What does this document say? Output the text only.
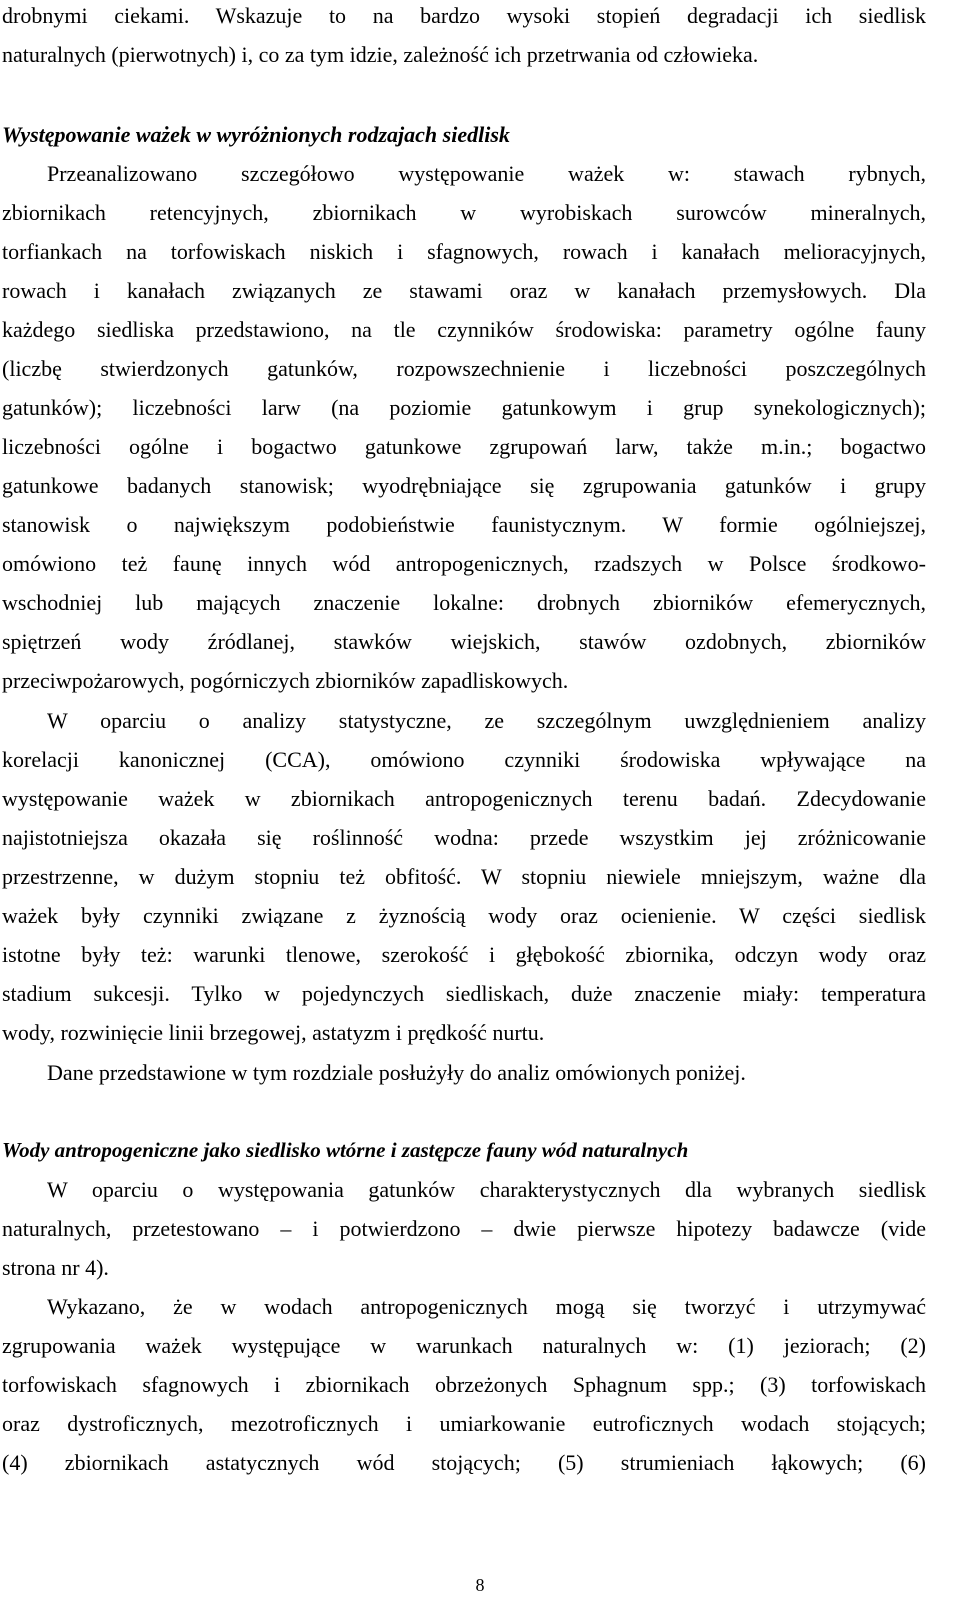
drobnymi ciekami. Wskazuje to na bardzo wysoki stopień degradacji ich siedlisk
naturalnych (pierwotnych) i, co za tym idzie, zależność ich przetrwania od człowieka.
Występowanie ważek w wyróżnionych rodzajach siedlisk
Przeanalizowano szczegółowo występowanie ważek w: stawach rybnych,
zbiornikach retencyjnych, zbiornikach w wyrobiskach surowców mineralnych,
torfiankach na torfowiskach niskich i sfagnowych, rowach i kanałach melioracyjnych,
rowach i kanałach związanych ze stawami oraz w kanałach przemysłowych. Dla
każdego siedliska przedstawiono, na tle czynników środowiska: parametry ogólne fauny
(liczbę stwierdzonych gatunków, rozpowszechnienie i liczebności poszczególnych
gatunków); liczebności larw (na poziomie gatunkowym i grup synekologicznych);
liczebności ogólne i bogactwo gatunkowe zgrupowań larw, także m.in.; bogactwo
gatunkowe badanych stanowisk; wyodrębniające się zgrupowania gatunków i grupy
stanowisk o największym podobieństwie faunistycznym. W formie ogólniejszej,
omówiono też faunę innych wód antropogenicznych, rzadszych w Polsce środkowo-
wschodniej lub mających znaczenie lokalne: drobnych zbiorników efemerycznych,
spiętrzeń wody źródlanej, stawków wiejskich, stawów ozdobnych, zbiorników
przeciwpożarowych, pogórniczych zbiorników zapadliskowych.
W oparciu o analizy statystyczne, ze szczególnym uwzględnieniem analizy
korelacji kanonicznej (CCA), omówiono czynniki środowiska wpływające na
występowanie ważek w zbiornikach antropogenicznych terenu badań. Zdecydowanie
najistotniejsza okazała się roślinność wodna: przede wszystkim jej zróżnicowanie
przestrzenne, w dużym stopniu też obfitość. W stopniu niewiele mniejszym, ważne dla
ważek były czynniki związane z żyznością wody oraz ocienienie. W części siedlisk
istotne były też: warunki tlenowe, szerokość i głębokość zbiornika, odczyn wody oraz
stadium sukcesji. Tylko w pojedynczych siedliskach, duże znaczenie miały: temperatura
wody, rozwinięcie linii brzegowej, astatyzm i prędkość nurtu.
Dane przedstawione w tym rozdziale posłużyły do analiz omówionych poniżej.
Wody antropogeniczne jako siedlisko wtórne i zastępcze fauny wód naturalnych
W oparciu o występowania gatunków charakterystycznych dla wybranych siedlisk
naturalnych, przetestowano – i potwierdzono – dwie pierwsze hipotezy badawcze (vide
strona nr 4).
Wykazano, że w wodach antropogenicznych mogą się tworzyć i utrzymywać
zgrupowania ważek występujące w warunkach naturalnych w: (1) jeziorach; (2)
torfowiskach sfagnowych i zbiornikach obrzeżonych Sphagnum spp.; (3) torfowiskach
oraz dystroficznych, mezotroficznych i umiarkowanie eutroficznych wodach stojących;
(4) zbiornikach astatycznych wód stojących; (5) strumieniach łąkowych; (6)
8
